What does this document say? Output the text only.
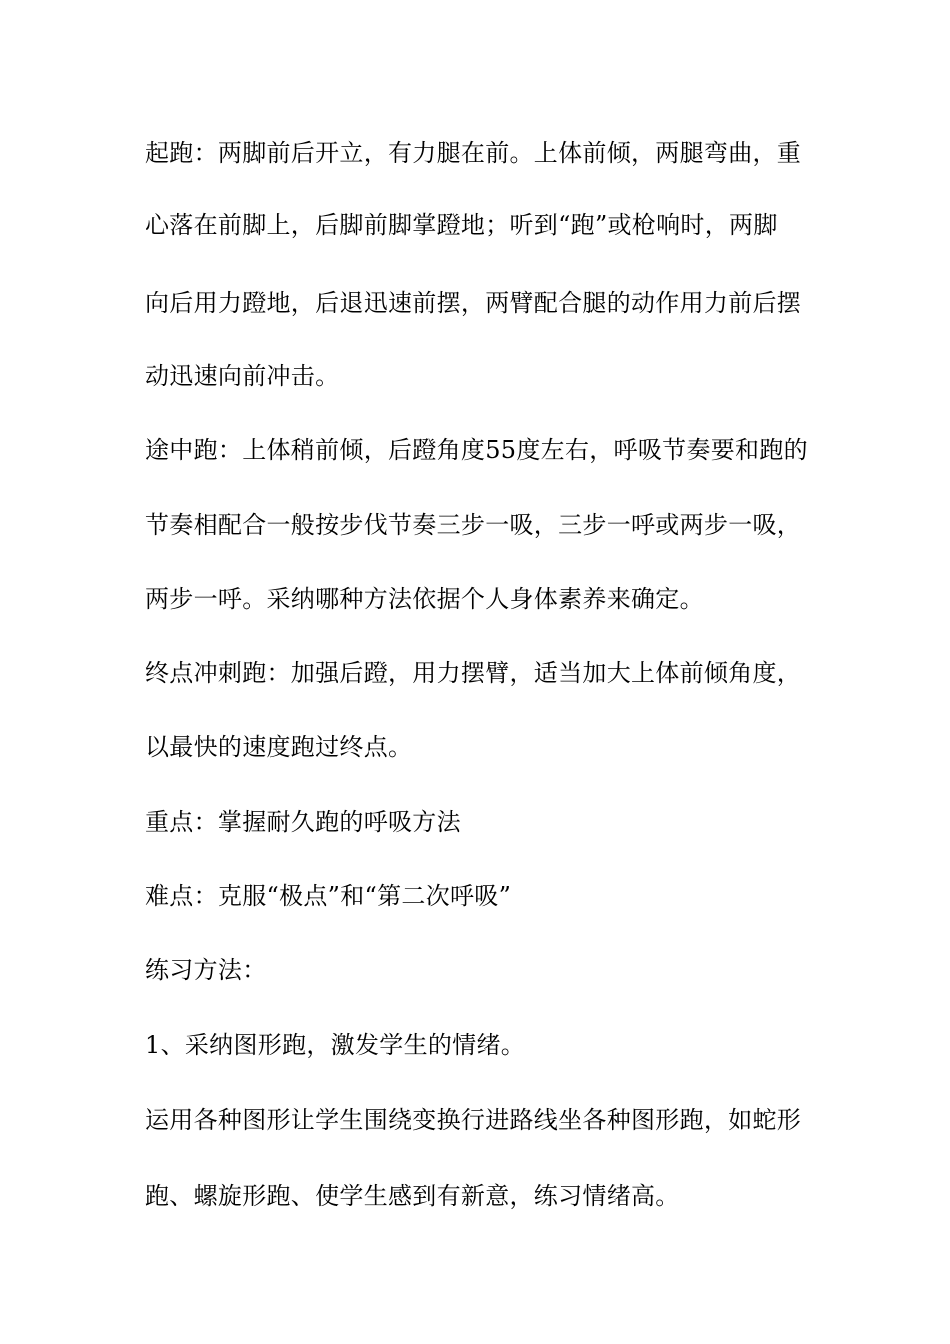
起跑：两脚前后开立，有力腿在前。上体前倾，两腿弯曲，重
心落在前脚上，后脚前脚掌蹬地；听到“跑”或枪响时，两脚
向后用力蹬地，后退迅速前摆，两臂配合腿的动作用力前后摆
动迅速向前冲击。
途中跑：上体稍前倾，后蹬角度55度左右，呼吸节奏要和跑的
节奏相配合一般按步伐节奏三步一吸，三步一呼或两步一吸，
两步一呼。采纳哪种方法依据个人身体素养来确定。
终点冲刺跑：加强后蹬，用力摆臂，适当加大上体前倾角度，
以最快的速度跑过终点。
重点：掌握耐久跑的呼吸方法
难点：克服“极点”和“第二次呼吸”
练习方法：
1、采纳图形跑，激发学生的情绪。
运用各种图形让学生围绕变换行进路线坐各种图形跑，如蛇形
跑、螺旋形跑、使学生感到有新意，练习情绪高。
